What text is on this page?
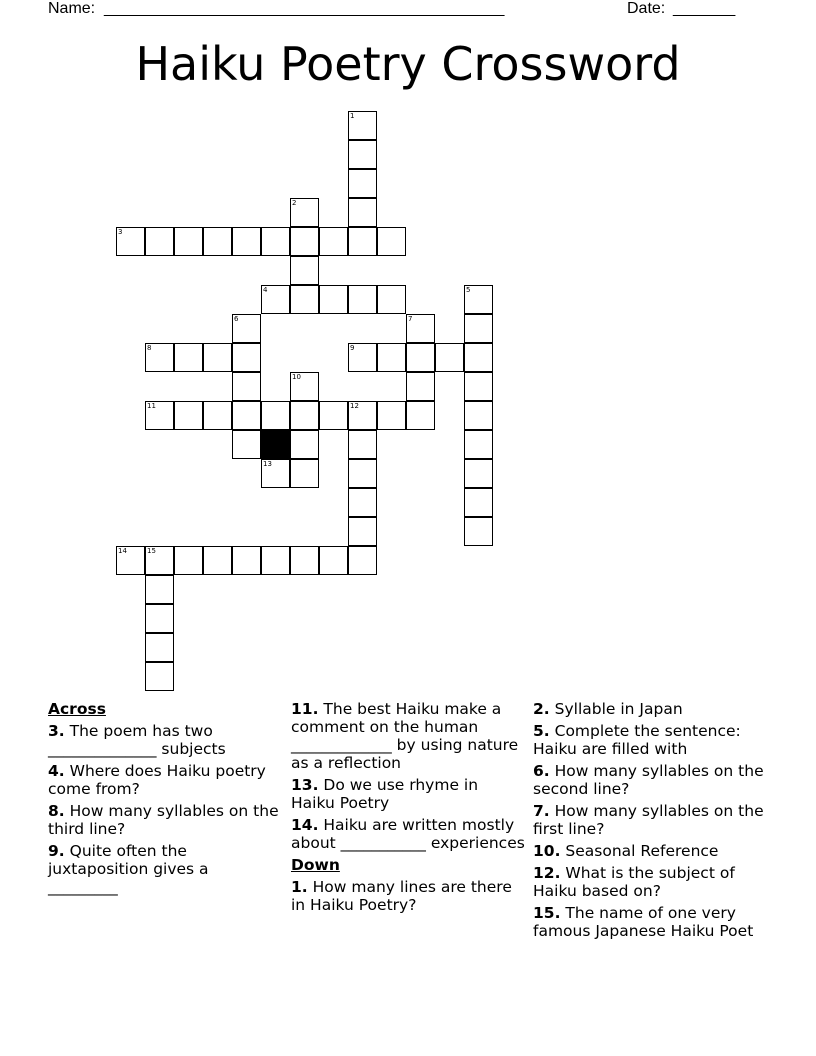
Name: _____________________________________________	Date: _______
Haiku Poetry Crossword
1
2
3
4	5
6	7
8	9
10
11	12
13
14	15
Across
3. The poem has two ______________ subjects
4. Where does Haiku poetry come from?
8. How many syllables on the third line?
9. Quite often the juxtaposition gives a _________
11. The best Haiku make a comment on the human _____________ by using nature as a reflection
13. Do we use rhyme in Haiku Poetry
14. Haiku are written mostly about ___________ experiences
Down
1. How many lines are there in Haiku Poetry?
2. Syllable in Japan
5. Complete the sentence: Haiku are filled with
6. How many syllables on the second line?
7. How many syllables on the first line?
10. Seasonal Reference
12. What is the subject of Haiku based on?
15. The name of one very famous Japanese Haiku Poet
